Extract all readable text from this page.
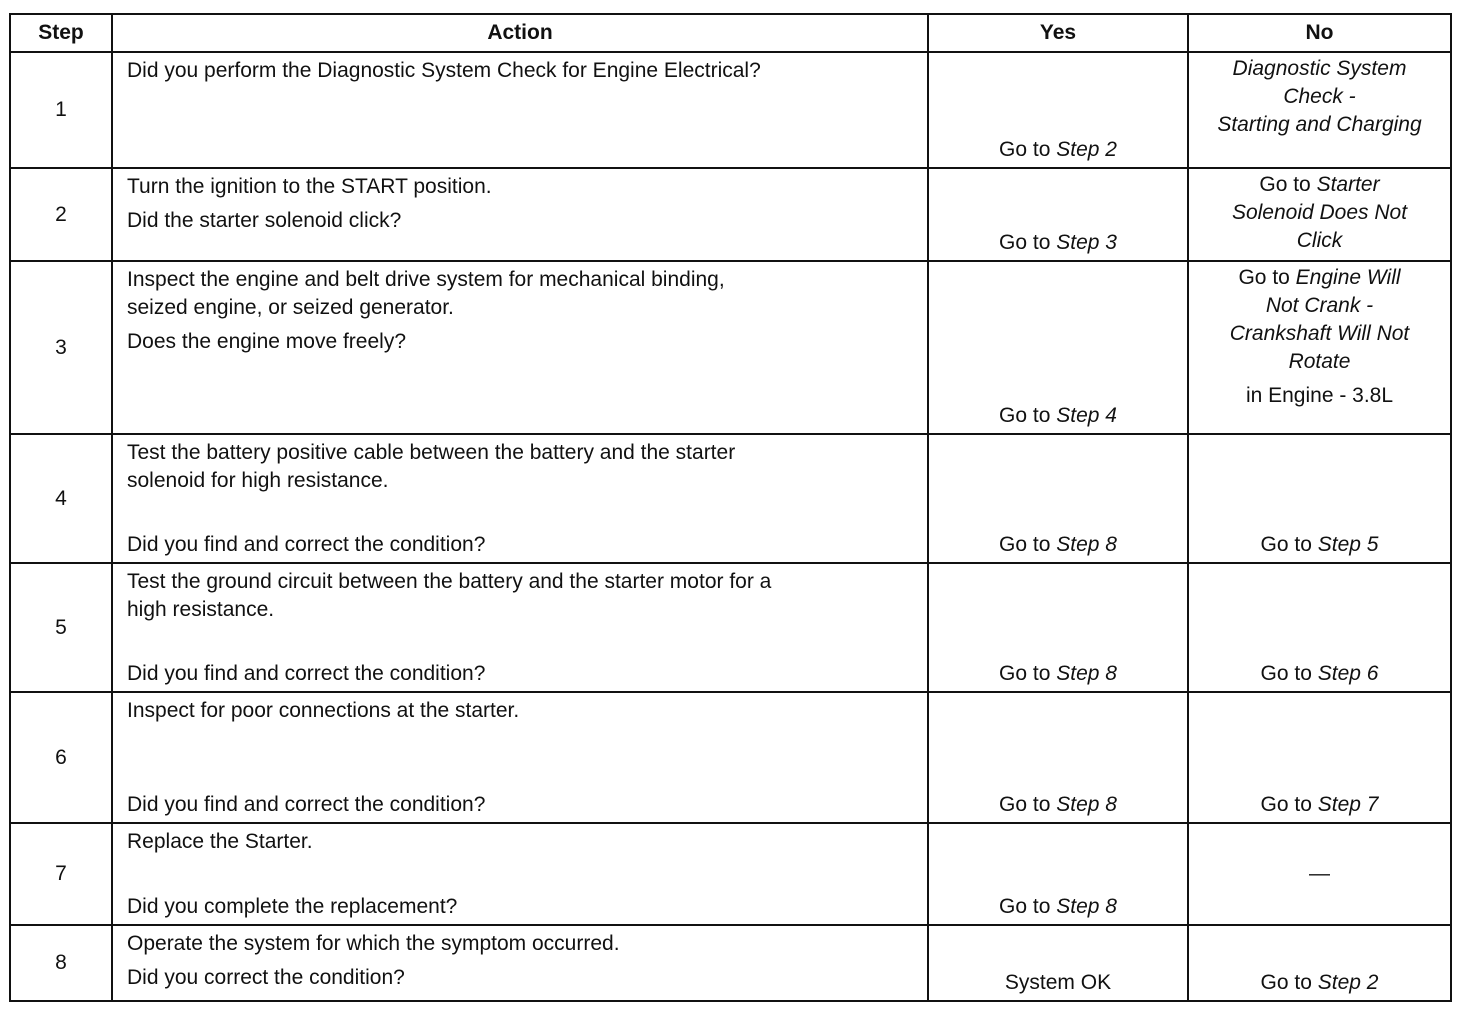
Step	Action	Yes	No
1	Did you perform the Diagnostic System Check for Engine Electrical?	Go to Step 2	Diagnostic System
Check -
Starting and Charging

2	Turn the ignition to the START position.
Did the starter solenoid click?	Go to Step 3	Go to Starter
Solenoid Does Not
Click

3	Inspect the engine and belt drive system for mechanical binding,
seized engine, or seized generator.
Does the engine move freely?	Go to Step 4	Go to Engine Will
Not Crank -
Crankshaft Will Not
Rotate
in Engine - 3.8L

4	Test the battery positive cable between the battery and the starter
solenoid for high resistance.
Did you find and correct the condition?	Go to Step 8	Go to Step 5

5	Test the ground circuit between the battery and the starter motor for a
high resistance.
Did you find and correct the condition?	Go to Step 8	Go to Step 6

6	Inspect for poor connections at the starter.
Did you find and correct the condition?	Go to Step 8	Go to Step 7

7	Replace the Starter.
Did you complete the replacement?	Go to Step 8	—

8	Operate the system for which the symptom occurred.
Did you correct the condition?	System OK	Go to Step 2
